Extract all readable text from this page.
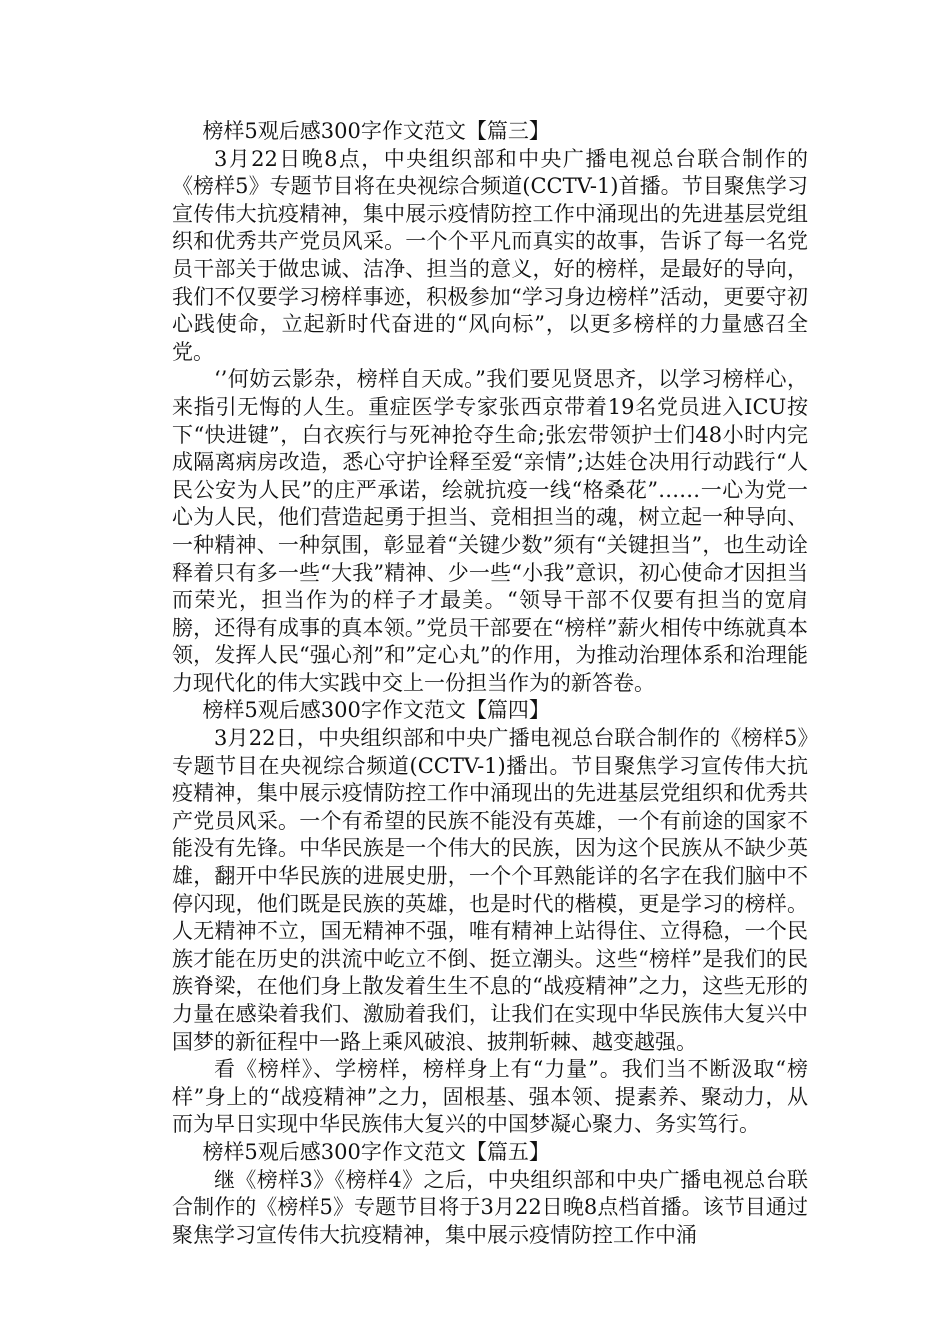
榜样5观后感300字作文范文【篇三】

3月22日晚8点，中央组织部和中央广播电视总台联合制作的《榜样5》专题节目将在央视综合频道(CCTV-1)首播。节目聚焦学习宣传伟大抗疫精神，集中展示疫情防控工作中涌现出的先进基层党组织和优秀共产党员风采。一个个平凡而真实的故事，告诉了每一名党员干部关于做忠诚、洁净、担当的意义，好的榜样，是最好的导向，我们不仅要学习榜样事迹，积极参加“学习身边榜样”活动，更要守初心践使命，立起新时代奋进的“风向标”，以更多榜样的力量感召全党。

‘’何妨云影杂，榜样自天成。”我们要见贤思齐，以学习榜样心，来指引无悔的人生。重症医学专家张西京带着19名党员进入ICU按下“快进键”，白衣疾行与死神抢夺生命;张宏带领护士们48小时内完成隔离病房改造，悉心守护诠释至爱“亲情”;达娃仓决用行动践行“人民公安为人民”的庄严承诺，绘就抗疫一线“格桑花”……一心为党一心为人民，他们营造起勇于担当、竞相担当的魂，树立起一种导向、一种精神、一种氛围，彰显着“关键少数”须有“关键担当”，也生动诠释着只有多一些“大我”精神、少一些“小我”意识，初心使命才因担当而荣光，担当作为的样子才最美。“领导干部不仅要有担当的宽肩膀，还得有成事的真本领。”党员干部要在“榜样”薪火相传中练就真本领，发挥人民“强心剂”和”定心丸”的作用，为推动治理体系和治理能力现代化的伟大实践中交上一份担当作为的新答卷。

榜样5观后感300字作文范文【篇四】

3月22日，中央组织部和中央广播电视总台联合制作的《榜样5》专题节目在央视综合频道(CCTV-1)播出。节目聚焦学习宣传伟大抗疫精神，集中展示疫情防控工作中涌现出的先进基层党组织和优秀共产党员风采。一个有希望的民族不能没有英雄，一个有前途的国家不能没有先锋。中华民族是一个伟大的民族，因为这个民族从不缺少英雄，翻开中华民族的进展史册，一个个耳熟能详的名字在我们脑中不停闪现，他们既是民族的英雄，也是时代的楷模，更是学习的榜样。人无精神不立，国无精神不强，唯有精神上站得住、立得稳，一个民族才能在历史的洪流中屹立不倒、挺立潮头。这些“榜样”是我们的民族脊梁，在他们身上散发着生生不息的“战疫精神”之力，这些无形的力量在感染着我们、激励着我们，让我们在实现中华民族伟大复兴中国梦的新征程中一路上乘风破浪、披荆斩棘、越变越强。

看《榜样》、学榜样，榜样身上有“力量”。我们当不断汲取“榜样”身上的“战疫精神”之力，固根基、强本领、提素养、聚动力，从而为早日实现中华民族伟大复兴的中国梦凝心聚力、务实笃行。

榜样5观后感300字作文范文【篇五】

继《榜样3》《榜样4》之后，中央组织部和中央广播电视总台联合制作的《榜样5》专题节目将于3月22日晚8点档首播。该节目通过聚焦学习宣传伟大抗疫精神，集中展示疫情防控工作中涌
